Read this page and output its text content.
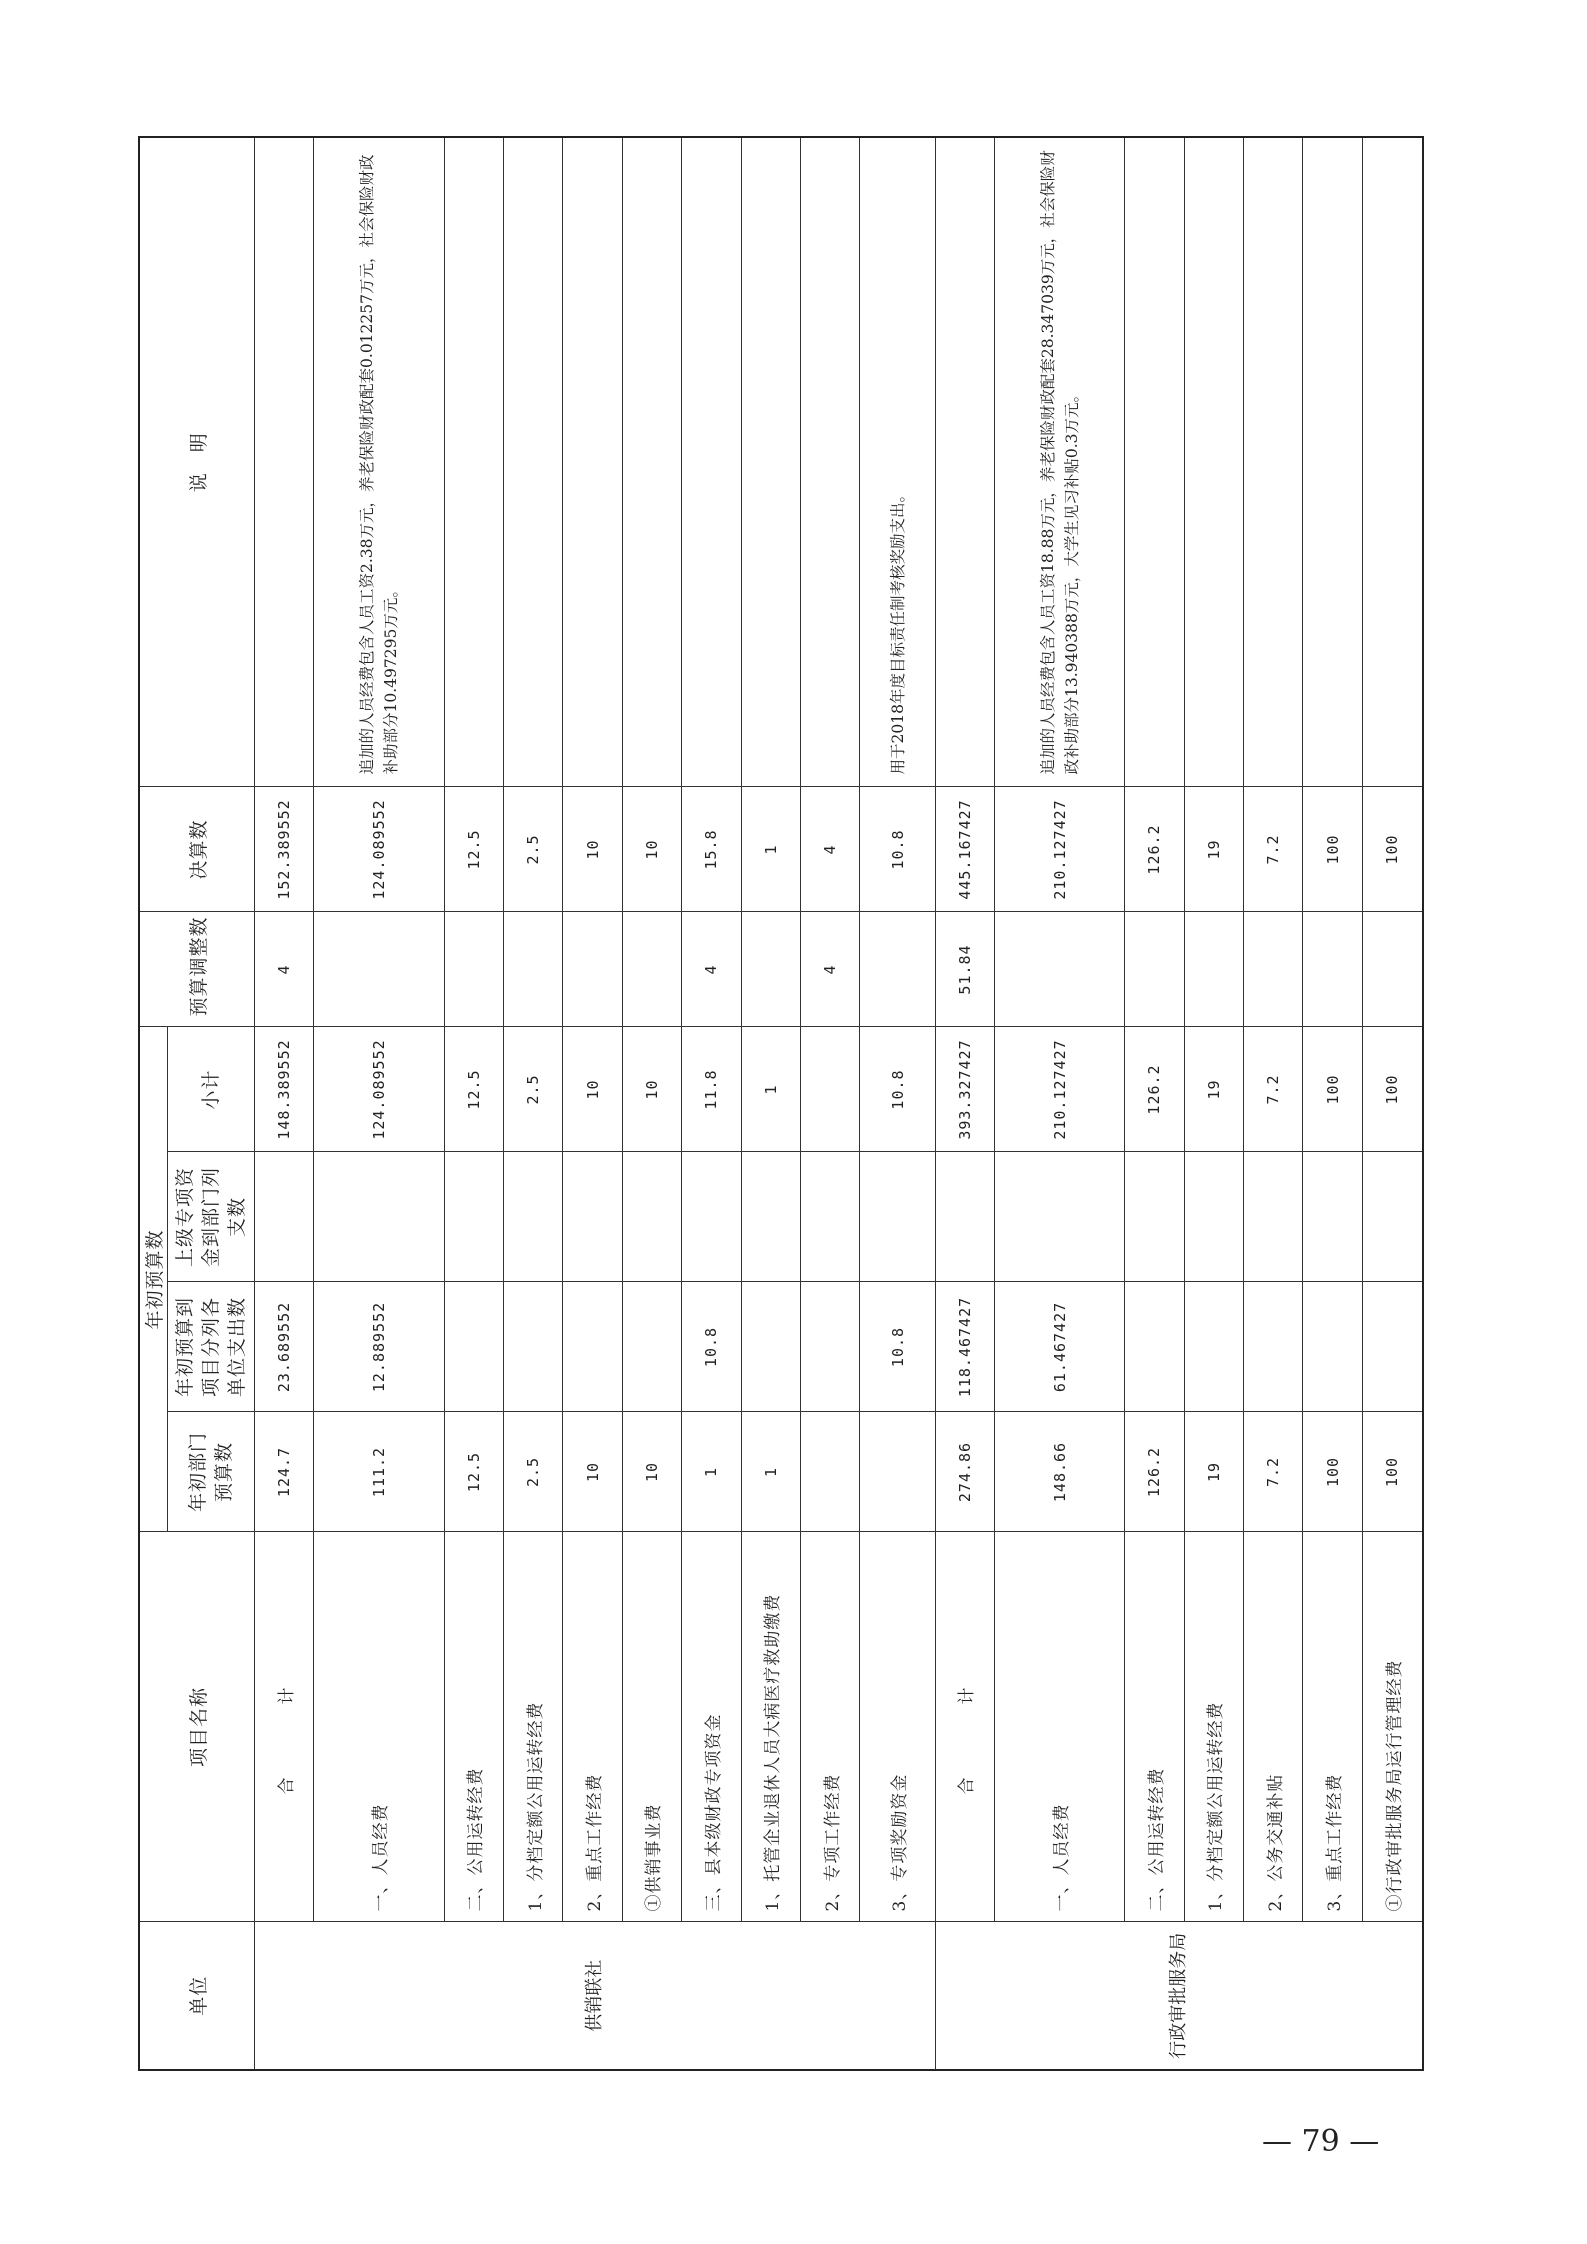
单位	项目名称	年初预算数				预算调整数	决算数	说　明
		年初部门预算数	年初预算到项目分列各单位支出数	上级专项资金到部门列支数	小计			
供销联社	合　计	124.7	23.689552		148.389552	4	152.389552	
	一、人员经费	111.2	12.889552		124.089552		124.089552	追加的人员经费包含人员工资2.38万元，养老保险财政配套0.012257万元，社会保险财政补助部分10.497295万元。
	二、公用运转经费	12.5			12.5		12.5	
	1、分档定额公用运转经费	2.5			2.5		2.5	
	2、重点工作经费	10			10		10	
	①供销事业费	10			10		10	
	三、县本级财政专项资金	1	10.8		11.8	4	15.8	
	1、托管企业退休人员大病医疗救助缴费	1			1		1	
	2、专项工作经费					4	4	
	3、专项奖励资金		10.8		10.8		10.8	用于2018年度目标责任制考核奖励支出。
行政审批服务局	合　计	274.86	118.467427		393.327427	51.84	445.167427	
	一、人员经费	148.66	61.467427		210.127427		210.127427	追加的人员经费包含人员工资18.88万元，养老保险财政配套28.347039万元，社会保险财政补助部分13.940388万元，大学生见习补贴0.3万元。
	二、公用运转经费	126.2			126.2		126.2	
	1、分档定额公用运转经费	19			19		19	
	2、公务交通补贴	7.2			7.2		7.2	
	3、重点工作经费	100			100		100	
	①行政审批服务局运行管理经费	100			100		100	
— 79 —
